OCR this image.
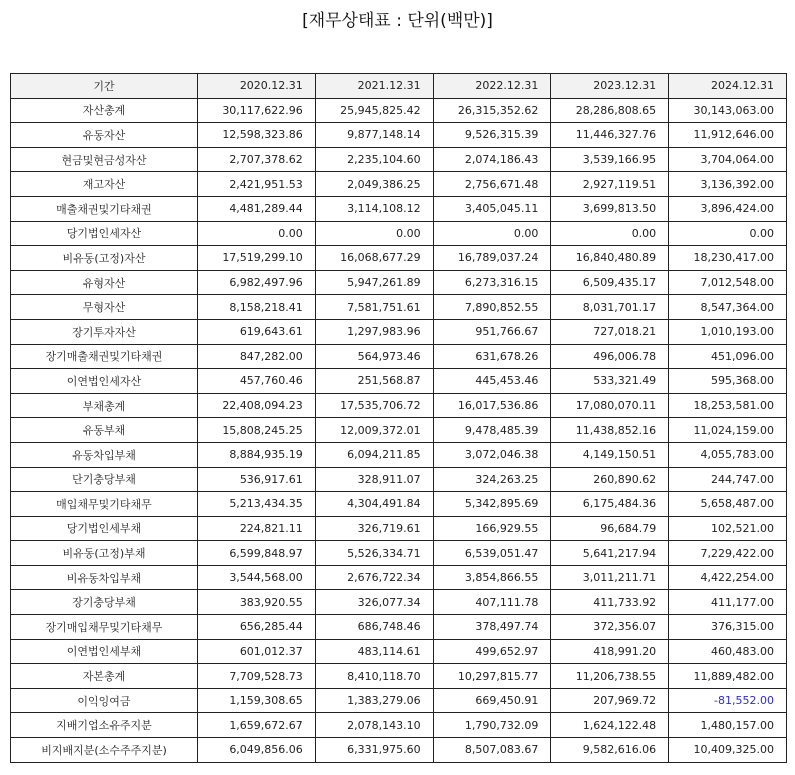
[재무상태표 : 단위(백만)]
기간	2020.12.31	2021.12.31	2022.12.31	2023.12.31	2024.12.31
자산총계	30,117,622.96	25,945,825.42	26,315,352.62	28,286,808.65	30,143,063.00
유동자산	12,598,323.86	9,877,148.14	9,526,315.39	11,446,327.76	11,912,646.00
현금및현금성자산	2,707,378.62	2,235,104.60	2,074,186.43	3,539,166.95	3,704,064.00
재고자산	2,421,951.53	2,049,386.25	2,756,671.48	2,927,119.51	3,136,392.00
매출채권및기타채권	4,481,289.44	3,114,108.12	3,405,045.11	3,699,813.50	3,896,424.00
당기법인세자산	0.00	0.00	0.00	0.00	0.00
비유동(고정)자산	17,519,299.10	16,068,677.29	16,789,037.24	16,840,480.89	18,230,417.00
유형자산	6,982,497.96	5,947,261.89	6,273,316.15	6,509,435.17	7,012,548.00
무형자산	8,158,218.41	7,581,751.61	7,890,852.55	8,031,701.17	8,547,364.00
장기투자자산	619,643.61	1,297,983.96	951,766.67	727,018.21	1,010,193.00
장기매출채권및기타채권	847,282.00	564,973.46	631,678.26	496,006.78	451,096.00
이연법인세자산	457,760.46	251,568.87	445,453.46	533,321.49	595,368.00
부채총계	22,408,094.23	17,535,706.72	16,017,536.86	17,080,070.11	18,253,581.00
유동부채	15,808,245.25	12,009,372.01	9,478,485.39	11,438,852.16	11,024,159.00
유동차입부채	8,884,935.19	6,094,211.85	3,072,046.38	4,149,150.51	4,055,783.00
단기충당부채	536,917.61	328,911.07	324,263.25	260,890.62	244,747.00
매입채무및기타채무	5,213,434.35	4,304,491.84	5,342,895.69	6,175,484.36	5,658,487.00
당기법인세부채	224,821.11	326,719.61	166,929.55	96,684.79	102,521.00
비유동(고정)부채	6,599,848.97	5,526,334.71	6,539,051.47	5,641,217.94	7,229,422.00
비유동차입부채	3,544,568.00	2,676,722.34	3,854,866.55	3,011,211.71	4,422,254.00
장기충당부채	383,920.55	326,077.34	407,111.78	411,733.92	411,177.00
장기매입채무및기타채무	656,285.44	686,748.46	378,497.74	372,356.07	376,315.00
이연법인세부채	601,012.37	483,114.61	499,652.97	418,991.20	460,483.00
자본총계	7,709,528.73	8,410,118.70	10,297,815.77	11,206,738.55	11,889,482.00
이익잉여금	1,159,308.65	1,383,279.06	669,450.91	207,969.72	-81,552.00
지배기업소유주지분	1,659,672.67	2,078,143.10	1,790,732.09	1,624,122.48	1,480,157.00
비지배지분(소수주주지분)	6,049,856.06	6,331,975.60	8,507,083.67	9,582,616.06	10,409,325.00
